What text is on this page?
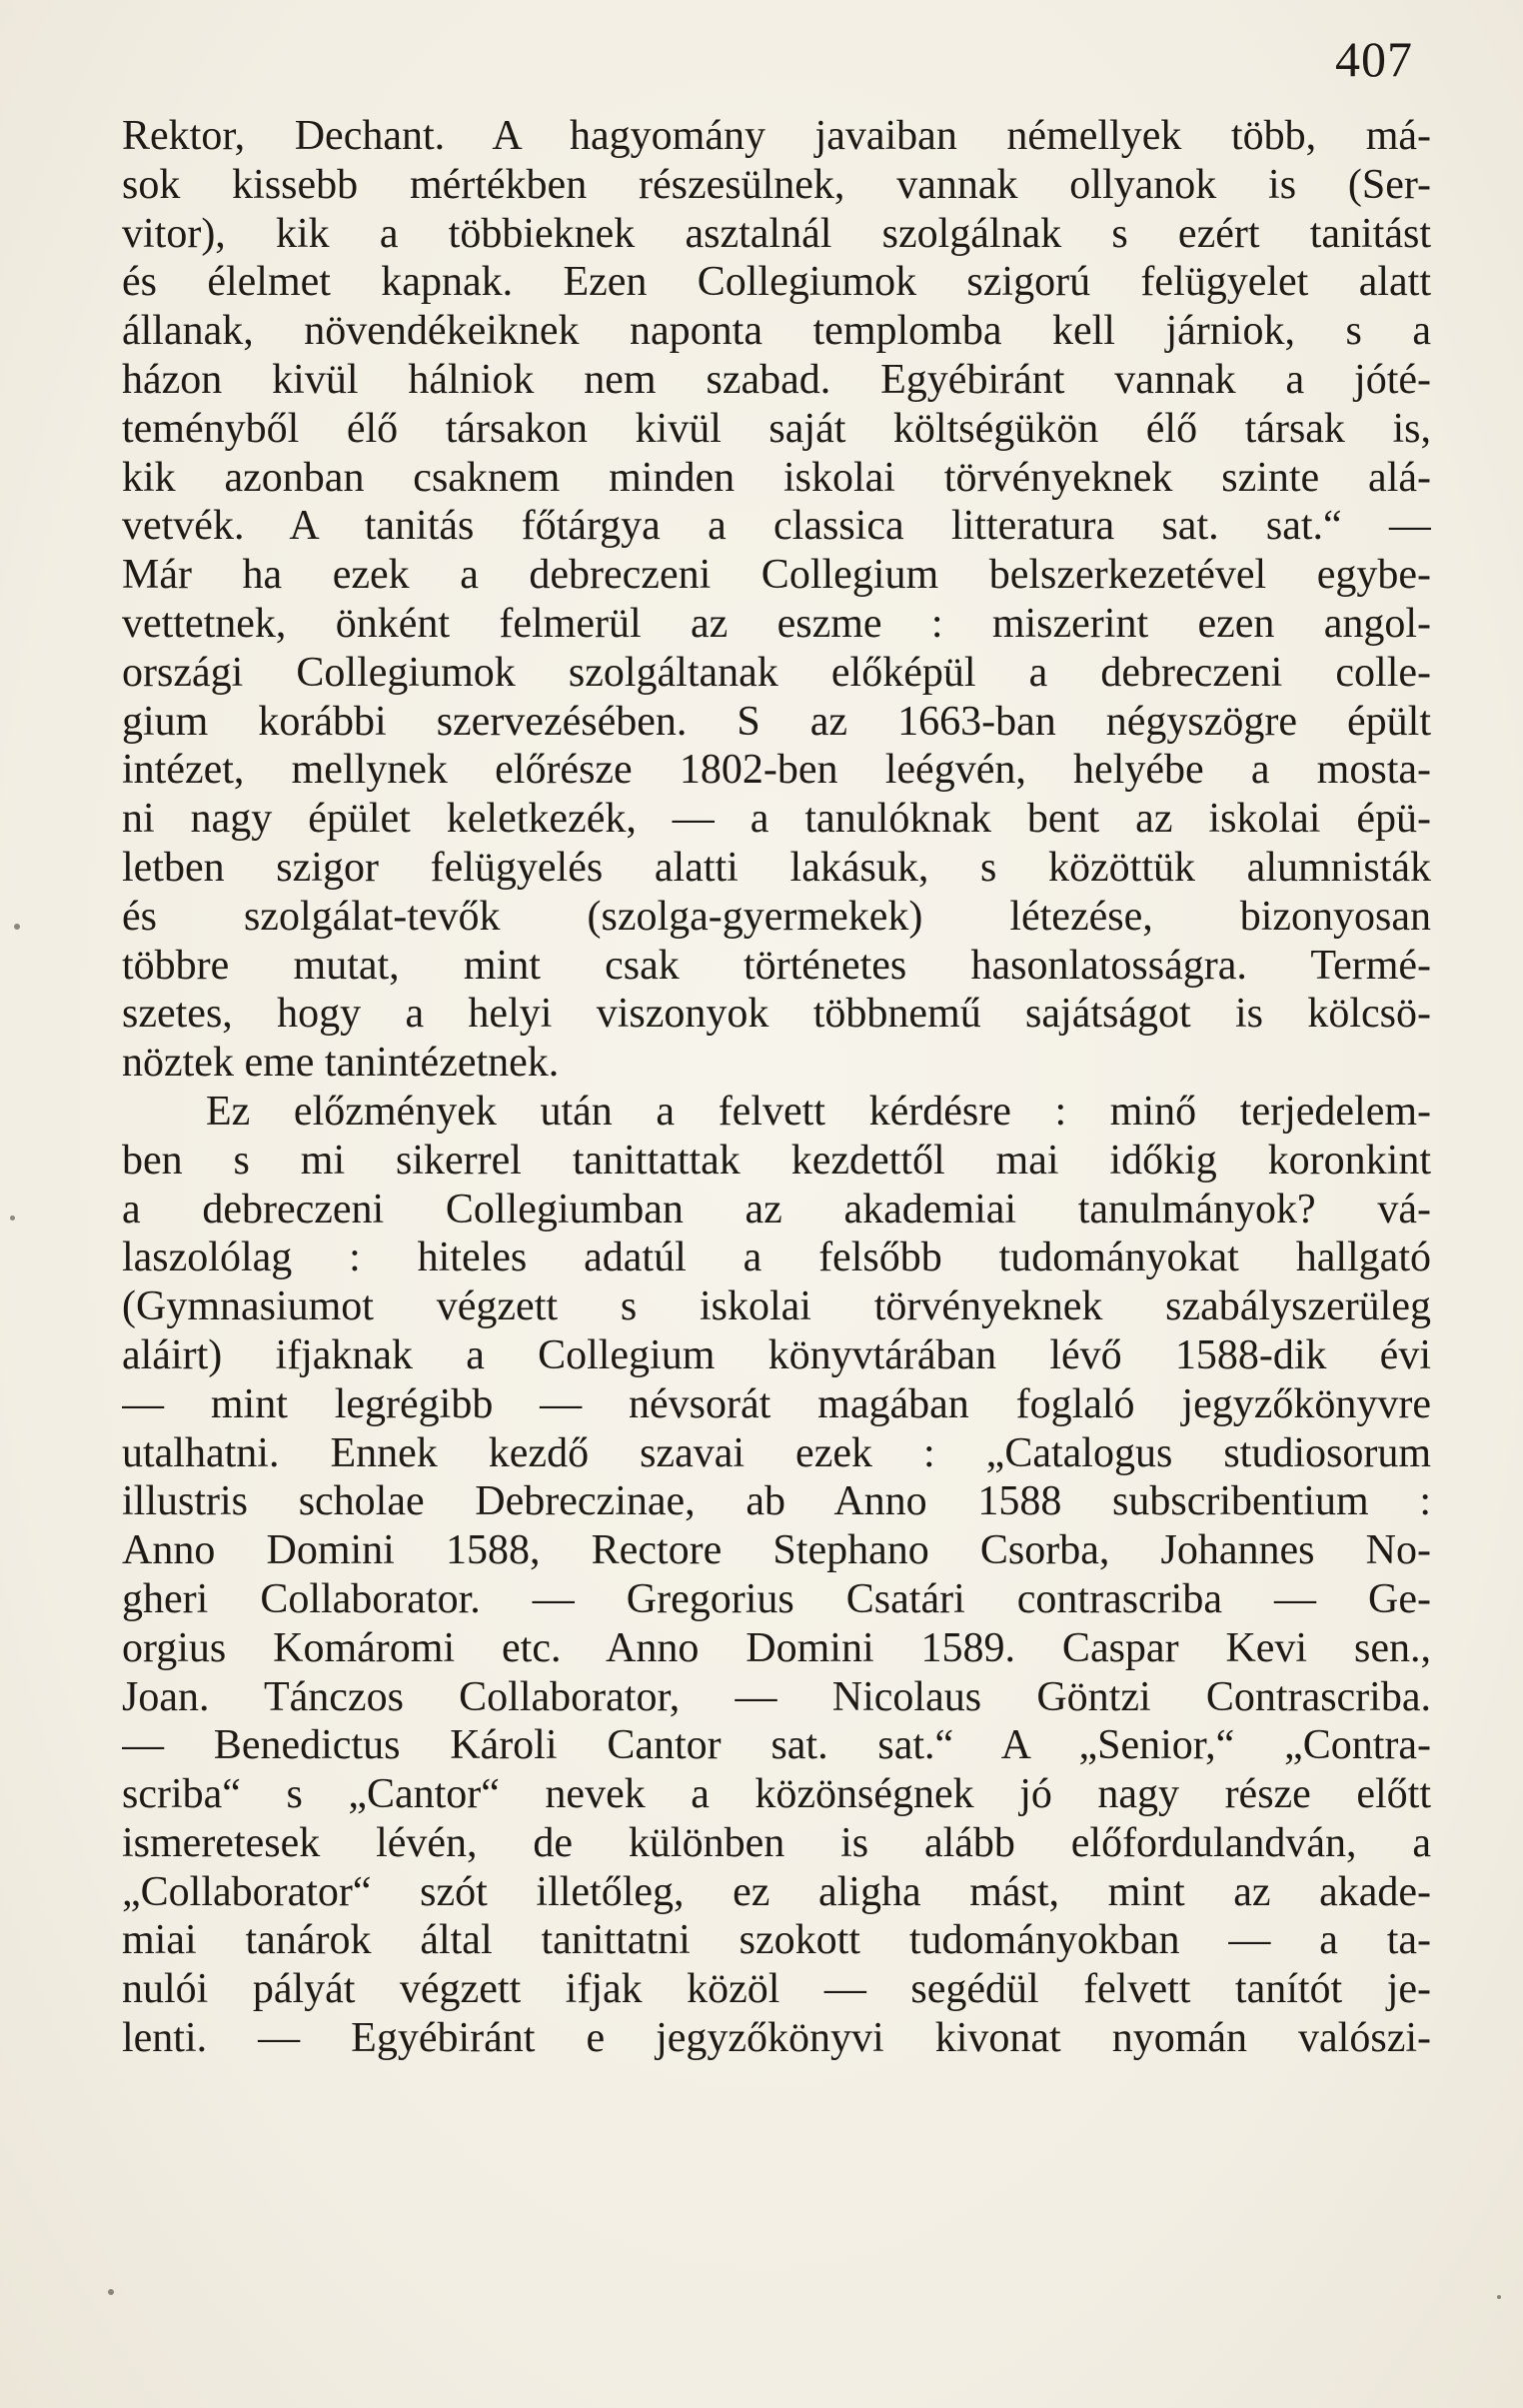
407
Rektor, Dechant. A hagyomány javaiban némellyek több, má-
sok kissebb mértékben részesülnek, vannak ollyanok is (Ser-
vitor), kik a többieknek asztalnál szolgálnak s ezért tanitást
és élelmet kapnak. Ezen Collegiumok szigorú felügyelet alatt
állanak, növendékeiknek naponta templomba kell járniok, s a
házon kivül hálniok nem szabad. Egyébiránt vannak a jóté-
teményből élő társakon kivül saját költségükön élő társak is,
kik azonban csaknem minden iskolai törvényeknek szinte alá-
vetvék. A tanitás főtárgya a classica litteratura sat. sat.“ —
Már ha ezek a debreczeni Collegium belszerkezetével egybe-
vettetnek, önként felmerül az eszme : miszerint ezen angol-
országi Collegiumok szolgáltanak előképül a debreczeni colle-
gium korábbi szervezésében. S az 1663-ban négyszögre épült
intézet, mellynek előrésze 1802-ben leégvén, helyébe a mosta-
ni nagy épület keletkezék, — a tanulóknak bent az iskolai épü-
letben szigor felügyelés alatti lakásuk, s közöttük alumnisták
és szolgálat-tevők (szolga-gyermekek) létezése, bizonyosan
többre mutat, mint csak történetes hasonlatosságra. Termé-
szetes, hogy a helyi viszonyok többnemű sajátságot is kölcsö-
nöztek eme tanintézetnek.
Ez előzmények után a felvett kérdésre : minő terjedelem-
ben s mi sikerrel tanittattak kezdettől mai időkig koronkint
a debreczeni Collegiumban az akademiai tanulmányok? vá-
laszolólag : hiteles adatúl a felsőbb tudományokat hallgató
(Gymnasiumot végzett s iskolai törvényeknek szabályszerüleg
aláirt) ifjaknak a Collegium könyvtárában lévő 1588-dik évi
— mint legrégibb — névsorát magában foglaló jegyzőkönyvre
utalhatni. Ennek kezdő szavai ezek : „Catalogus studiosorum
illustris scholae Debreczinae, ab Anno 1588 subscribentium :
Anno Domini 1588, Rectore Stephano Csorba, Johannes No-
gheri Collaborator. — Gregorius Csatári contrascriba — Ge-
orgius Komáromi etc. Anno Domini 1589. Caspar Kevi sen.,
Joan. Tánczos Collaborator, — Nicolaus Göntzi Contrascriba.
— Benedictus Károli Cantor sat. sat.“ A „Senior,“ „Contra-
scriba“ s „Cantor“ nevek a közönségnek jó nagy része előtt
ismeretesek lévén, de különben is alább előfordulandván, a
„Collaborator“ szót illetőleg, ez aligha mást, mint az akade-
miai tanárok által tanittatni szokott tudományokban — a ta-
nulói pályát végzett ifjak közöl — segédül felvett tanítót je-
lenti. — Egyébiránt e jegyzőkönyvi kivonat nyomán valószi-
